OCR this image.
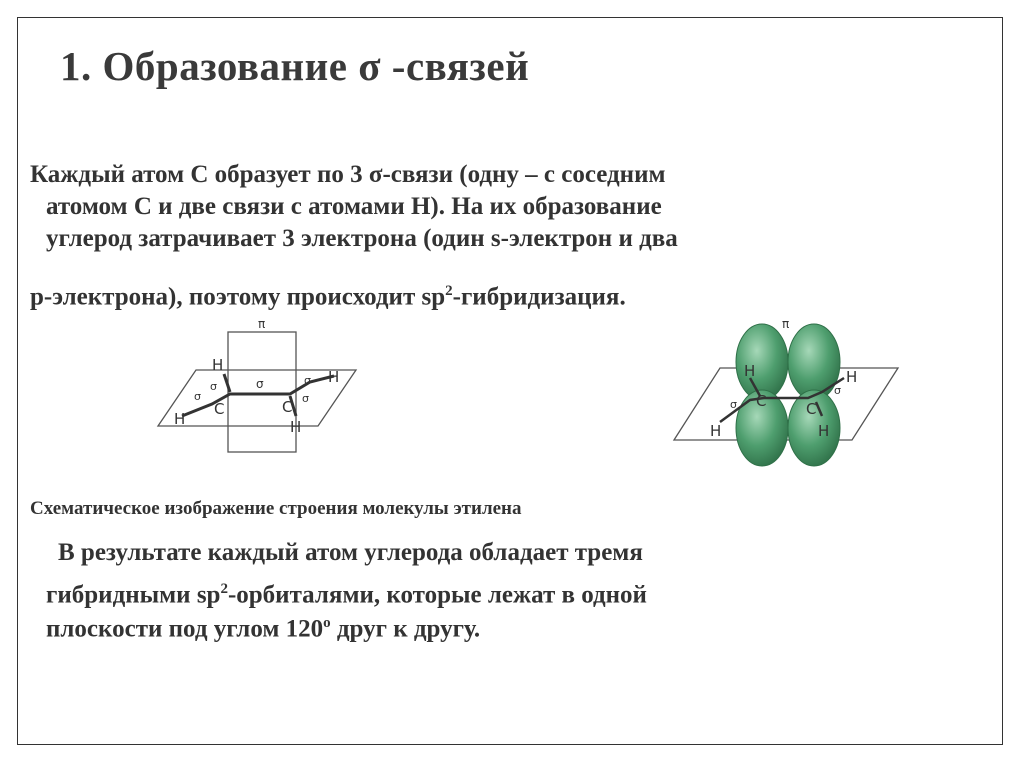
1. Образование σ -связей
Каждый атом С образует по 3 σ-связи (одну – с соседним
атомом С и две связи с атомами Н). На их образование
углерод затрачивает 3 электрона (один s-электрон и два
р-электрона), поэтому происходит $sp^2$-гибридизация.
π
H
H
H
H
C	C
σ
σ
σ
σ
σ
π
H
H
H
H
C	C
σ
σ
Схематическое изображение строения молекулы этилена
В результате каждый атом углерода обладает тремя
гибридными $sp^2$-орбиталями, которые лежат в одной
плоскости под углом $120^о$ друг к другу.
